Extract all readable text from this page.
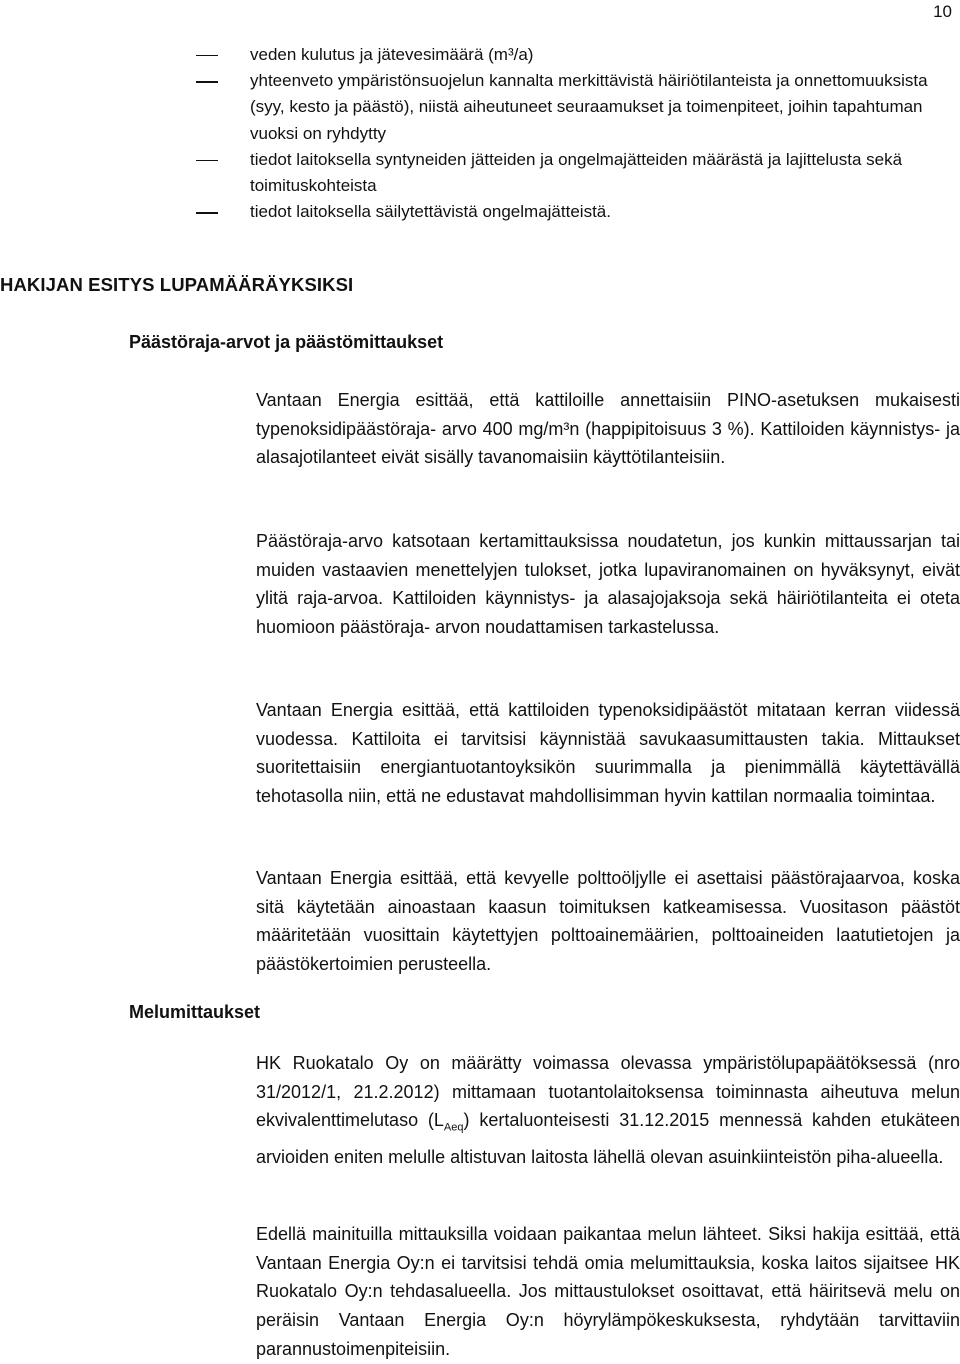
10
veden kulutus ja jätevesimäärä (m³/a)
yhteenveto ympäristönsuojelun kannalta merkittävistä häiriötilanteista ja onnettomuuksista (syy, kesto ja päästö), niistä aiheutuneet seuraamukset ja toimenpiteet, joihin tapahtuman vuoksi on ryhdytty
tiedot laitoksella syntyneiden jätteiden ja ongelmajätteiden määrästä ja lajittelusta sekä toimituskohteista
tiedot laitoksella säilytettävistä ongelmajätteistä.
HAKIJAN ESITYS LUPAMÄÄRÄYKSIKSI
Päästöraja-arvot ja päästömittaukset

Vantaan Energia esittää, että kattiloille annettaisiin PINO-asetuksen mukaisesti typenoksidipäästöraja- arvo 400 mg/m³n (happipitoisuus 3 %). Kattiloiden käynnistys- ja alasajotilanteet eivät sisälly tavanomaisiin käyttötilanteisiin.

Päästöraja-arvo katsotaan kertamittauksissa noudatetun, jos kunkin mittaussarjan tai muiden vastaavien menettelyjen tulokset, jotka lupaviranomainen on hyväksynyt, eivät ylitä raja-arvoa. Kattiloiden käynnistys- ja alasajojaksoja sekä häiriötilanteita ei oteta huomioon päästöraja- arvon noudattamisen tarkastelussa.

Vantaan Energia esittää, että kattiloiden typenoksidipäästöt mitataan kerran viidessä vuodessa. Kattiloita ei tarvitsisi käynnistää savukaasumittausten takia. Mittaukset suoritettaisiin energiantuotantoyksikön suurimmalla ja pienimmällä käytettävällä tehotasolla niin, että ne edustavat mahdollisimman hyvin kattilan normaalia toimintaa.

Vantaan Energia esittää, että kevyelle polttoöljylle ei asettaisi päästörajaarvoa, koska sitä käytetään ainoastaan kaasun toimituksen katkeamisessa. Vuositason päästöt määritetään vuosittain käytettyjen polttoainemäärien, polttoaineiden laatutietojen ja päästökertoimien perusteella.

Melumittaukset

HK Ruokatalo Oy on määrätty voimassa olevassa ympäristölupapäätöksessä (nro 31/2012/1, 21.2.2012) mittamaan tuotantolaitoksensa toiminnasta aiheutuva melun ekvivalenttimelutaso $(L_{Aeq})$ kertaluonteisesti 31.12.2015 mennessä kahden etukäteen arvioiden eniten melulle altistuvan laitosta lähellä olevan asuinkiinteistön piha-alueella.

Edellä mainituilla mittauksilla voidaan paikantaa melun lähteet. Siksi hakija esittää, että Vantaan Energia Oy:n ei tarvitsisi tehdä omia melumittauksia, koska laitos sijaitsee HK Ruokatalo Oy:n tehdasalueella. Jos mittaustulokset osoittavat, että häiritsevä melu on peräisin Vantaan Energia Oy:n höyrylämpökeskuksesta, ryhdytään tarvittaviin parannustoimenpiteisiin.
